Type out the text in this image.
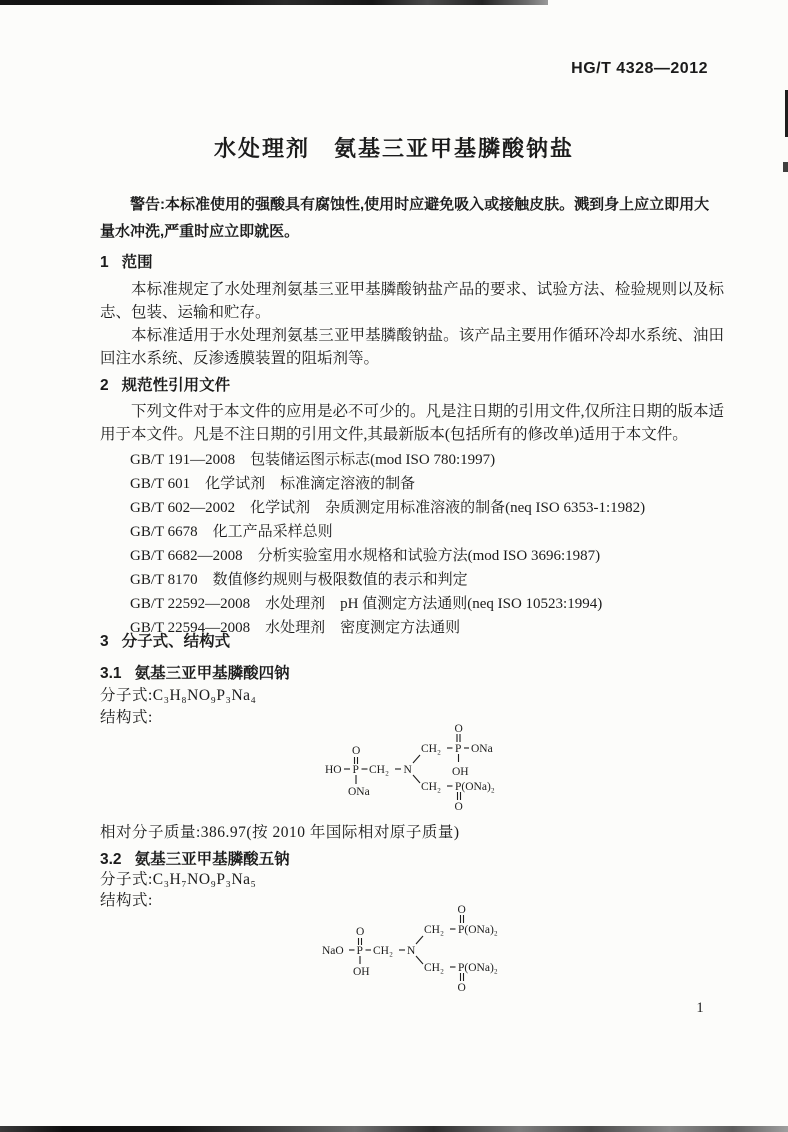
HG/T 4328—2012
水处理剂　氨基三亚甲基膦酸钠盐
警告:本标准使用的强酸具有腐蚀性,使用时应避免吸入或接触皮肤。溅到身上应立即用大量水冲洗,严重时应立即就医。
1 范围
本标准规定了水处理剂氨基三亚甲基膦酸钠盐产品的要求、试验方法、检验规则以及标志、包装、运输和贮存。
本标准适用于水处理剂氨基三亚甲基膦酸钠盐。该产品主要用作循环冷却水系统、油田回注水系统、反渗透膜装置的阻垢剂等。
2 规范性引用文件
下列文件对于本文件的应用是必不可少的。凡是注日期的引用文件,仅所注日期的版本适用于本文件。凡是不注日期的引用文件,其最新版本(包括所有的修改单)适用于本文件。
GB/T 191—2008　包装储运图示标志(mod ISO 780:1997)
GB/T 601　化学试剂　标准滴定溶液的制备
GB/T 602—2002　化学试剂　杂质测定用标准溶液的制备(neq ISO 6353-1:1982)
GB/T 6678　化工产品采样总则
GB/T 6682—2008　分析实验室用水规格和试验方法(mod ISO 3696:1987)
GB/T 8170　数值修约规则与极限数值的表示和判定
GB/T 22592—2008　水处理剂　pH 值测定方法通则(neq ISO 10523:1994)
GB/T 22594—2008　水处理剂　密度测定方法通则
3 分子式、结构式
3.1 氨基三亚甲基膦酸四钠
分子式:C₃H₈NO₉P₃Na₄
结构式:
HO P
O
ONa
CH₂ N
CH₂ P
O
ONa
OH
CH₂ P(ONa)₂
O
相对分子质量:386.97(按 2010 年国际相对原子质量)
3.2 氨基三亚甲基膦酸五钠
分子式:C₃H₇NO₉P₃Na₅
结构式:
NaO P
O
OH
CH₂ N
CH₂ P(ONa)₂
O
CH₂ P(ONa)₂
O
1
